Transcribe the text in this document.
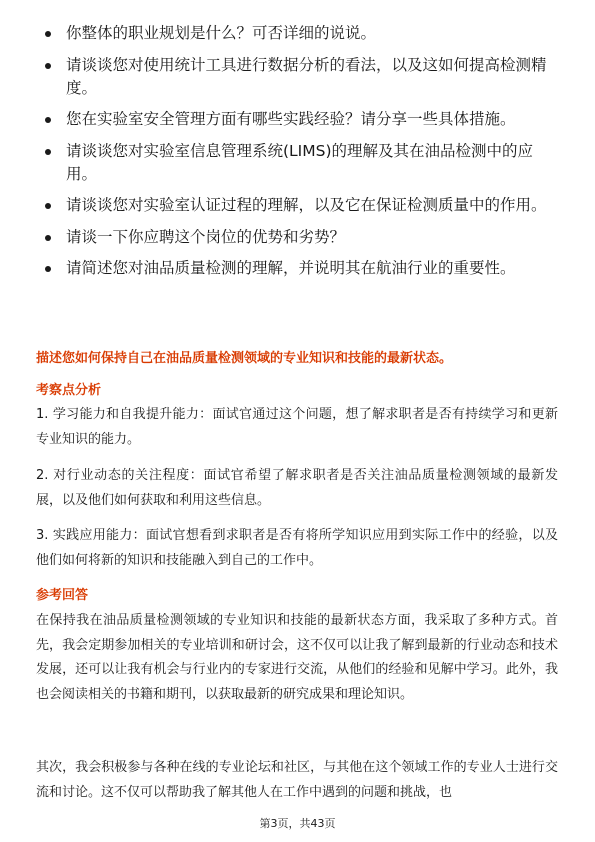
你整体的职业规划是什么？可否详细的说说。
请谈谈您对使用统计工具进行数据分析的看法，以及这如何提高检测精度。
您在实验室安全管理方面有哪些实践经验？请分享一些具体措施。
请谈谈您对实验室信息管理系统(LIMS)的理解及其在油品检测中的应用。
请谈谈您对实验室认证过程的理解，以及它在保证检测质量中的作用。
请谈一下你应聘这个岗位的优势和劣势？
请简述您对油品质量检测的理解，并说明其在航油行业的重要性。

描述您如何保持自己在油品质量检测领域的专业知识和技能的最新状态。

考察点分析

1. 学习能力和自我提升能力：面试官通过这个问题，想了解求职者是否有持续学习和更新专业知识的能力。

2. 对行业动态的关注程度：面试官希望了解求职者是否关注油品质量检测领域的最新发展，以及他们如何获取和利用这些信息。

3. 实践应用能力：面试官想看到求职者是否有将所学知识应用到实际工作中的经验，以及他们如何将新的知识和技能融入到自己的工作中。

参考回答

在保持我在油品质量检测领域的专业知识和技能的最新状态方面，我采取了多种方式。首先，我会定期参加相关的专业培训和研讨会，这不仅可以让我了解到最新的行业动态和技术发展，还可以让我有机会与行业内的专家进行交流，从他们的经验和见解中学习。此外，我也会阅读相关的书籍和期刊，以获取最新的研究成果和理论知识。

其次，我会积极参与各种在线的专业论坛和社区，与其他在这个领域工作的专业人士进行交流和讨论。这不仅可以帮助我了解其他人在工作中遇到的问题和挑战，也

第3页，共43页
